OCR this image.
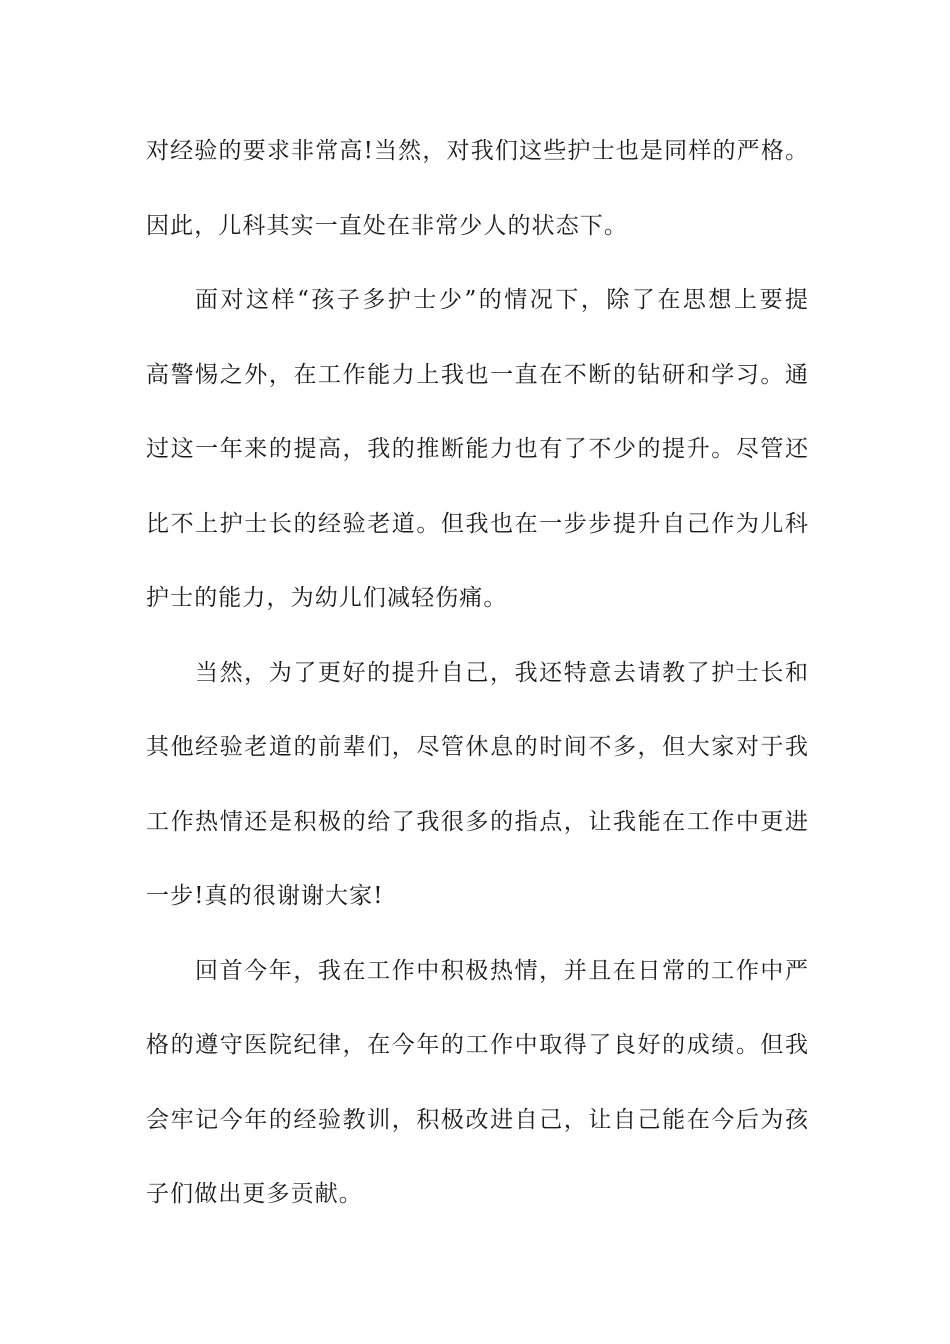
对经验的要求非常高!当然，对我们这些护士也是同样的严格。
因此，儿科其实一直处在非常少人的状态下。
面对这样“孩子多护士少”的情况下，除了在思想上要提
高警惕之外，在工作能力上我也一直在不断的钻研和学习。通
过这一年来的提高，我的推断能力也有了不少的提升。尽管还
比不上护士长的经验老道。但我也在一步步提升自己作为儿科
护士的能力，为幼儿们减轻伤痛。
当然，为了更好的提升自己，我还特意去请教了护士长和
其他经验老道的前辈们，尽管休息的时间不多，但大家对于我
工作热情还是积极的给了我很多的指点，让我能在工作中更进
一步!真的很谢谢大家!
回首今年，我在工作中积极热情，并且在日常的工作中严
格的遵守医院纪律，在今年的工作中取得了良好的成绩。但我
会牢记今年的经验教训，积极改进自己，让自己能在今后为孩
子们做出更多贡献。
